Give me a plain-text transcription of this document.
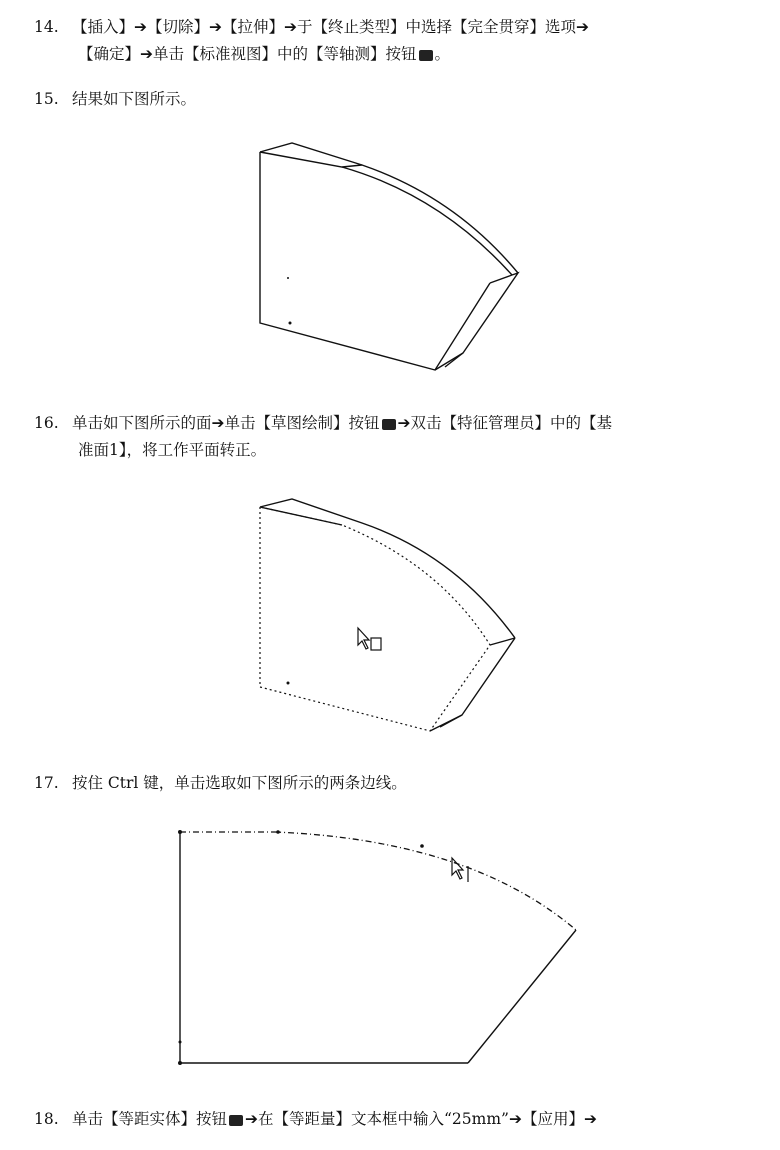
14. 【插入】➔【切除】➔【拉伸】➔于【终止类型】中选择【完全贯穿】选项➔
【确定】➔单击【标准视图】中的【等轴测】按钮 。
15. 结果如下图所示。
16. 单击如下图所示的面➔单击【草图绘制】按钮 ➔双击【特征管理员】中的【基
准面1】，将工作平面转正。
17. 按住 Ctrl 键，单击选取如下图所示的两条边线。
18. 单击【等距实体】按钮 ➔在【等距量】文本框中输入“25mm”➔【应用】➔
